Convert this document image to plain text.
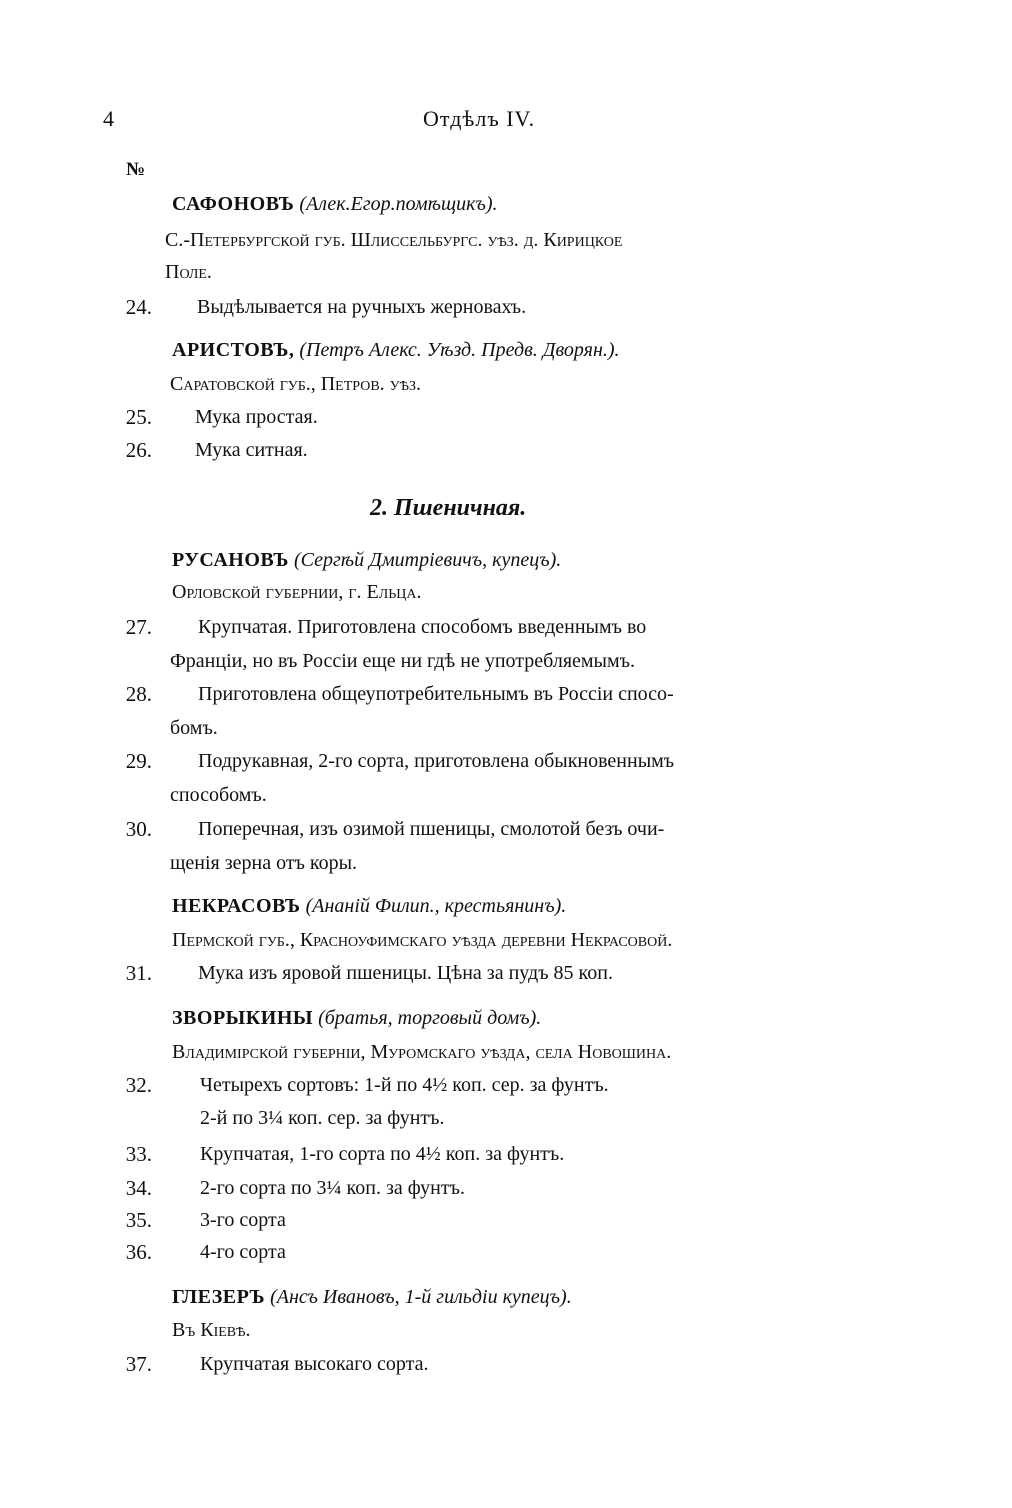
4	Отдѣлъ IV.
№
САФОНОВЪ (Алек.Егор.помѣщикъ).
С.-Петербургской губ. Шлиссельбургс. уѣз. д. Кирицкое
Поле.
24. Выдѣлывается на ручныхъ жерновахъ.
АРИСТОВЪ, (Петръ Алекс. Уѣзд. Предв. Дворян.).
Саратовской губ., Петров. уѣз.
25. Мука простая.
26. Мука ситная.
2. Пшеничная.
РУСАНОВЪ (Сергѣй Дмитріевичъ, купецъ).
Орловской губернии, г. Ельца.
27. Крупчатая. Приготовлена способомъ введеннымъ во
Франціи, но въ Россіи еще ни гдѣ не употребляемымъ.
28. Приготовлена общеупотребительнымъ въ Россіи спосо-
бомъ.
29. Подрукавная, 2-го сорта, приготовлена обыкновеннымъ
способомъ.
30. Поперечная, изъ озимой пшеницы, смолотой безъ очи-
щенія зерна отъ коры.
НЕКРАСОВЪ (Ананій Филип., крестьянинъ).
Пермской губ., Красноуфимскаго уѣзда деревни Некрасовой.
31. Мука изъ яровой пшеницы. Цѣна за пудъ 85 коп.
ЗВОРЫКИНЫ (братья, торговый домъ).
Владимірской губерніи, Муромскаго уѣзда, села Новошина.
32. Четырехъ сортовъ: 1-й по 4½ коп. сер. за фунтъ.
2-й по 3¼ коп. сер. за фунтъ.
33. Крупчатая, 1-го сорта по 4½ коп. за фунтъ.
34. 2-го сорта по 3¼ коп. за фунтъ.
35. 3-го сорта
36. 4-го сорта
ГЛЕЗЕРЪ (Ансъ Ивановъ, 1-й гильдіи купецъ).
Въ Кіевѣ.
37. Крупчатая высокаго сорта.
